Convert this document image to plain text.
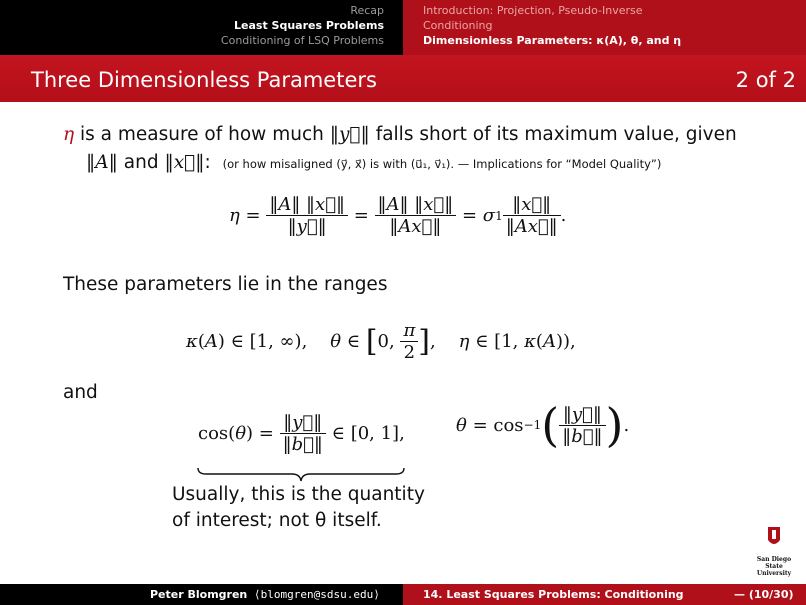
Recap
Least Squares Problems
Conditioning of LSQ Problems
Introduction: Projection, Pseudo-Inverse
Conditioning
Dimensionless Parameters: κ(A), θ, and η
Three Dimensionless Parameters	2 of 2
η is a measure of how much ‖y⃗‖ falls short of its maximum value, given
‖A‖ and ‖x⃗‖: (or how misaligned (y⃗, x⃗) is with (u⃗₁, v⃗₁). — Implications for “Model Quality”)
$\eta = \frac{‖A‖ ‖x⃗‖}{‖y⃗‖} = \frac{‖A‖ ‖x⃗‖}{‖Ax⃗‖} = \sigma$ $1 \frac{‖x⃗‖}{‖Ax⃗‖}$ .
These parameters lie in the ranges
κ ( A ) ∈ [1, ∞), θ ∈ [ 0, $\frac{\pi}{2}$ ] , η ∈ [1, κ ( A )),
and
cos( θ ) = $\frac{‖y⃗‖}{‖b⃗‖}$ ∈ [0, 1],	θ = cos −1 ( $\frac{‖y⃗‖}{‖b⃗‖}$ ) .
Usually, this is the quantity
of interest; not θ itself.
San Diego State
University
Peter Blomgren ⟨blomgren@sdsu.edu⟩	14. Least Squares Problems: Conditioning	— (10/30)
